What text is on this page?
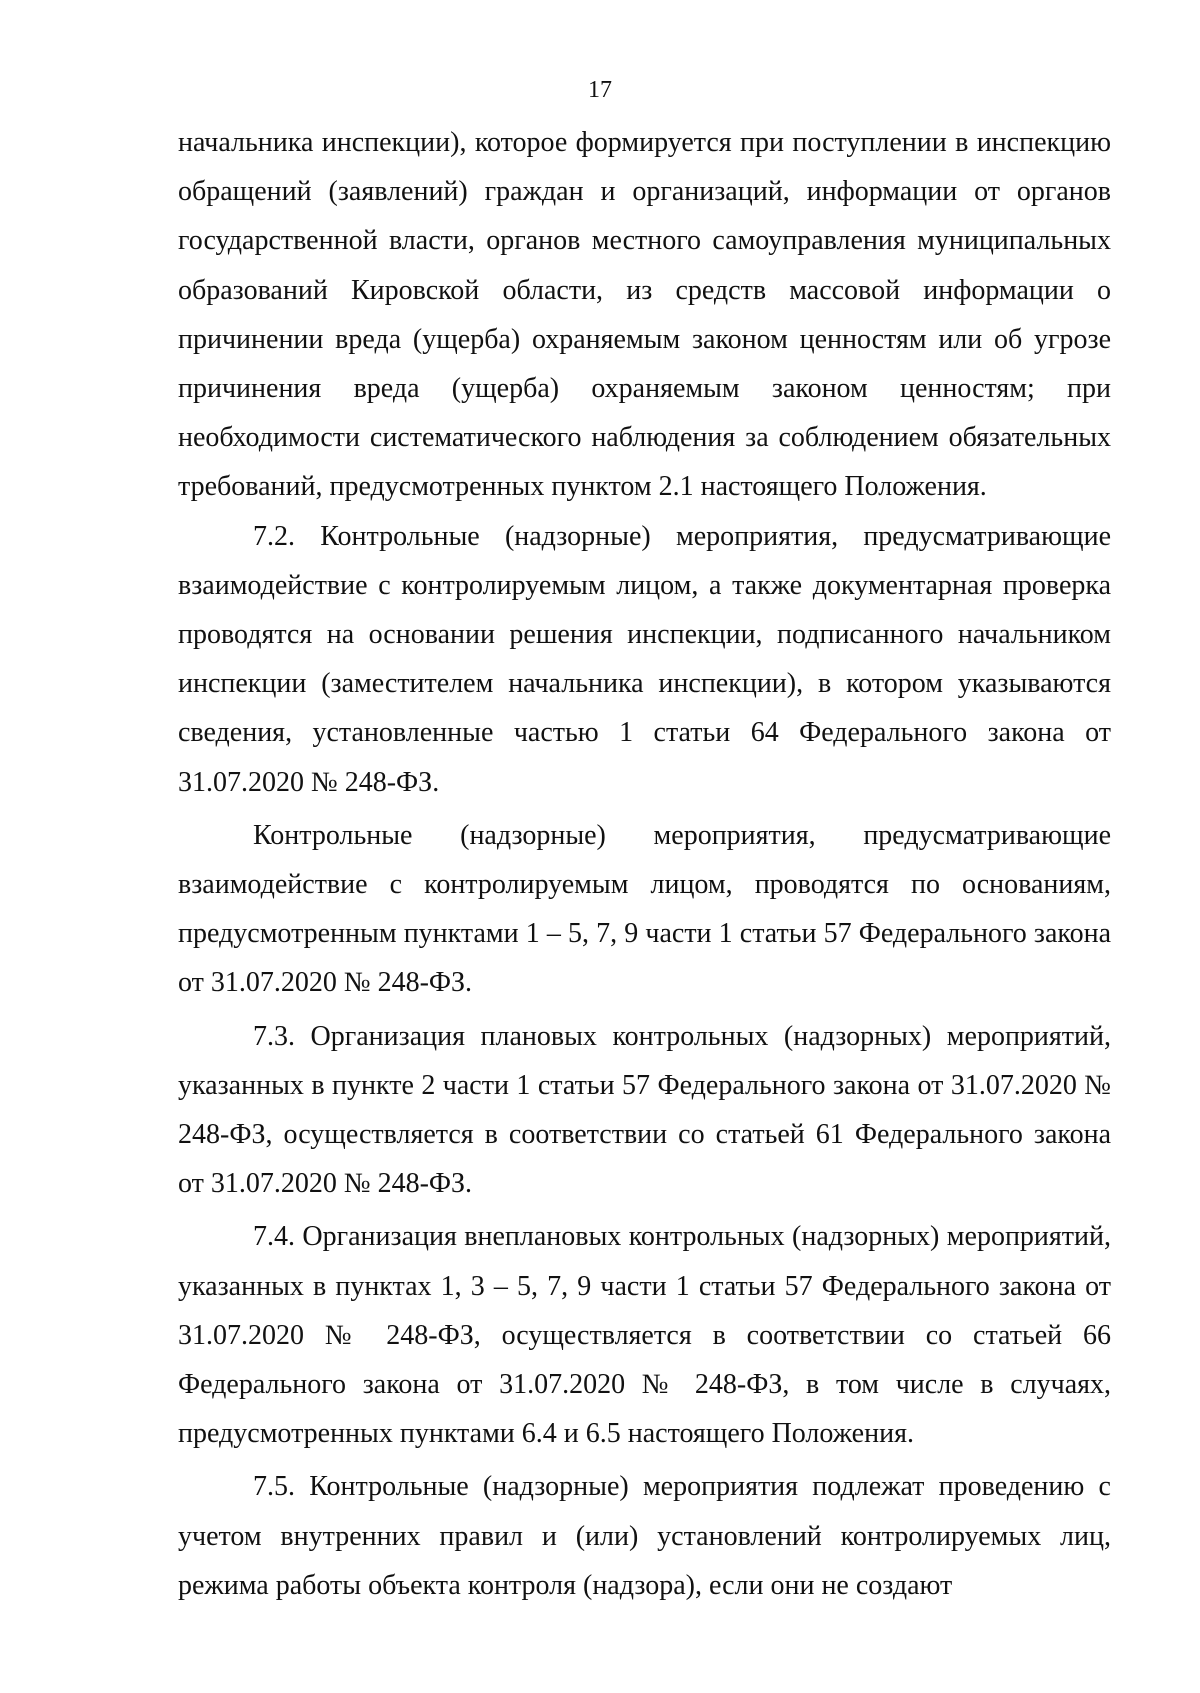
17

начальника инспекции), которое формируется при поступлении в инспекцию обращений (заявлений) граждан и организаций, информации от органов государственной власти, органов местного самоуправления муниципальных образований Кировской области, из средств массовой информации о причинении вреда (ущерба) охраняемым законом ценностям или об угрозе причинения вреда (ущерба) охраняемым законом ценностям; при необходимости систематического наблюдения за соблюдением обязательных требований, предусмотренных пунктом 2.1 настоящего Положения.

7.2. Контрольные (надзорные) мероприятия, предусматривающие взаимодействие с контролируемым лицом, а также документарная проверка проводятся на основании решения инспекции, подписанного начальником инспекции (заместителем начальника инспекции), в котором указываются сведения, установленные частью 1 статьи 64 Федерального закона от 31.07.2020 № 248-ФЗ.

Контрольные (надзорные) мероприятия, предусматривающие взаимодействие с контролируемым лицом, проводятся по основаниям, предусмотренным пунктами 1 – 5, 7, 9 части 1 статьи 57 Федерального закона от 31.07.2020 № 248-ФЗ.

7.3. Организация плановых контрольных (надзорных) мероприятий, указанных в пункте 2 части 1 статьи 57 Федерального закона от 31.07.2020 № 248-ФЗ, осуществляется в соответствии со статьей 61 Федерального закона от 31.07.2020 № 248-ФЗ.

7.4. Организация внеплановых контрольных (надзорных) мероприятий, указанных в пунктах 1, 3 – 5, 7, 9 части 1 статьи 57 Федерального закона от 31.07.2020 № 248-ФЗ, осуществляется в соответствии со статьей 66 Федерального закона от 31.07.2020 № 248-ФЗ, в том числе в случаях, предусмотренных пунктами 6.4 и 6.5 настоящего Положения.

7.5. Контрольные (надзорные) мероприятия подлежат проведению с учетом внутренних правил и (или) установлений контролируемых лиц, режима работы объекта контроля (надзора), если они не создают
